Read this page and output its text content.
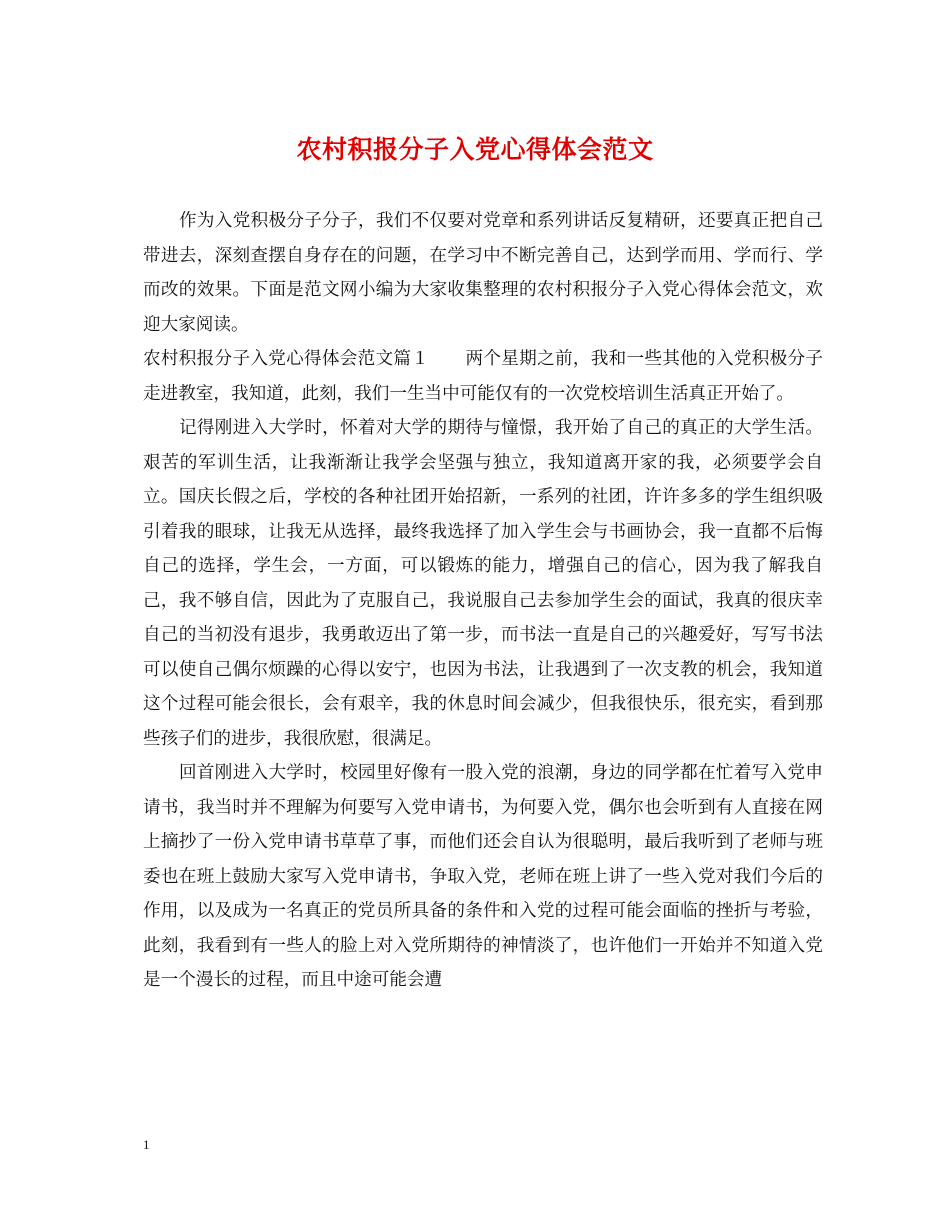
农村积报分子入党心得体会范文

作为入党积极分子分子，我们不仅要对党章和系列讲话反复精研，还要真正把自己带进去，深刻查摆自身存在的问题，在学习中不断完善自己，达到学而用、学而行、学而改的效果。下面是范文网小编为大家收集整理的农村积报分子入党心得体会范文，欢迎大家阅读。

农村积报分子入党心得体会范文篇１ 两个星期之前，我和一些其他的入党积极分子走进教室，我知道，此刻，我们一生当中可能仅有的一次党校培训生活真正开始了。

记得刚进入大学时，怀着对大学的期待与憧憬，我开始了自己的真正的大学生活。艰苦的军训生活，让我渐渐让我学会坚强与独立，我知道离开家的我，必须要学会自立。国庆长假之后，学校的各种社团开始招新，一系列的社团，许许多多的学生组织吸引着我的眼球，让我无从选择，最终我选择了加入学生会与书画协会，我一直都不后悔自己的选择，学生会，一方面，可以锻炼的能力，增强自己的信心，因为我了解我自己，我不够自信，因此为了克服自己，我说服自己去参加学生会的面试，我真的很庆幸自己的当初没有退步，我勇敢迈出了第一步，而书法一直是自己的兴趣爱好，写写书法可以使自己偶尔烦躁的心得以安宁，也因为书法，让我遇到了一次支教的机会，我知道这个过程可能会很长，会有艰辛，我的休息时间会减少，但我很快乐，很充实，看到那些孩子们的进步，我很欣慰，很满足。

回首刚进入大学时，校园里好像有一股入党的浪潮，身边的同学都在忙着写入党申请书，我当时并不理解为何要写入党申请书，为何要入党，偶尔也会听到有人直接在网上摘抄了一份入党申请书草草了事，而他们还会自认为很聪明，最后我听到了老师与班委也在班上鼓励大家写入党申请书，争取入党，老师在班上讲了一些入党对我们今后的作用，以及成为一名真正的党员所具备的条件和入党的过程可能会面临的挫折与考验，此刻，我看到有一些人的脸上对入党所期待的神情淡了，也许他们一开始并不知道入党是一个漫长的过程，而且中途可能会遭

1
